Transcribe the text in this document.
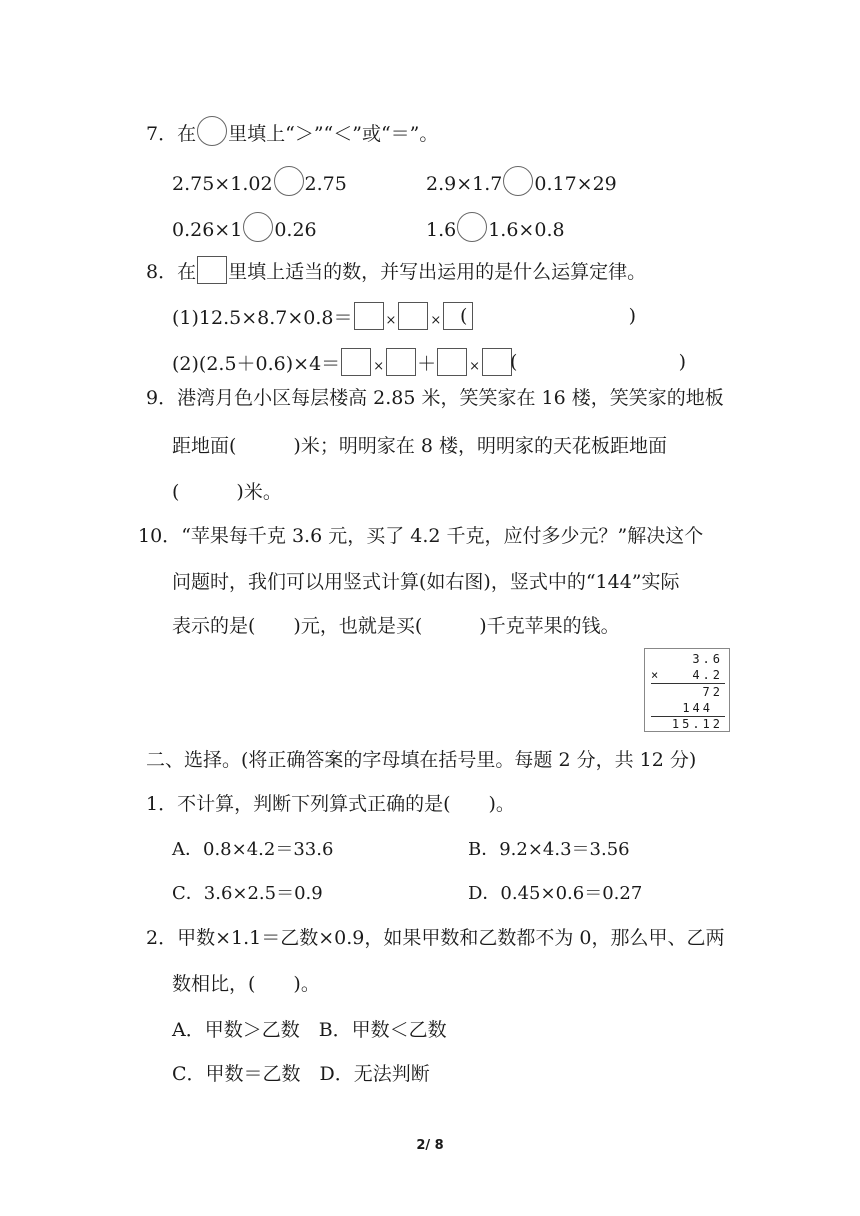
7．在 里填上“＞”“＜”或“＝”。
2.75×1.02 2.75	2.9×1.7 0.17×29
0.26×1 0.26	1.6 1.6×0.8
8．在 里填上适当的数，并写出运用的是什么运算定律。
(1)12.5×8.7×0.8＝	×	× (	)
(2)(2.5＋0.6)×4＝	× ＋	×	(	)
9．港湾月色小区每层楼高 2.85 米，笑笑家在 16 楼，笑笑家的地板
距地面(　　　)米；明明家在 8 楼，明明家的天花板距地面
(　　　)米。
10．“苹果每千克 3.6 元，买了 4.2 千克，应付多少元？”解决这个
问题时，我们可以用竖式计算(如右图)，竖式中的“144”实际
表示的是(　　)元，也就是买(　　　)千克苹果的钱。
3.6
×	4.2
72
144
15.12
二、选择。(将正确答案的字母填在括号里。每题 2 分，共 12 分)
1．不计算，判断下列算式正确的是(　　)。
A．0.8×4.2＝33.6	B．9.2×4.3＝3.56
C．3.6×2.5＝0.9	D．0.45×0.6＝0.27
2．甲数×1.1＝乙数×0.9，如果甲数和乙数都不为 0，那么甲、乙两
数相比，(　　)。
A．甲数＞乙数　B．甲数＜乙数
C．甲数＝乙数　D．无法判断
2/ 8
